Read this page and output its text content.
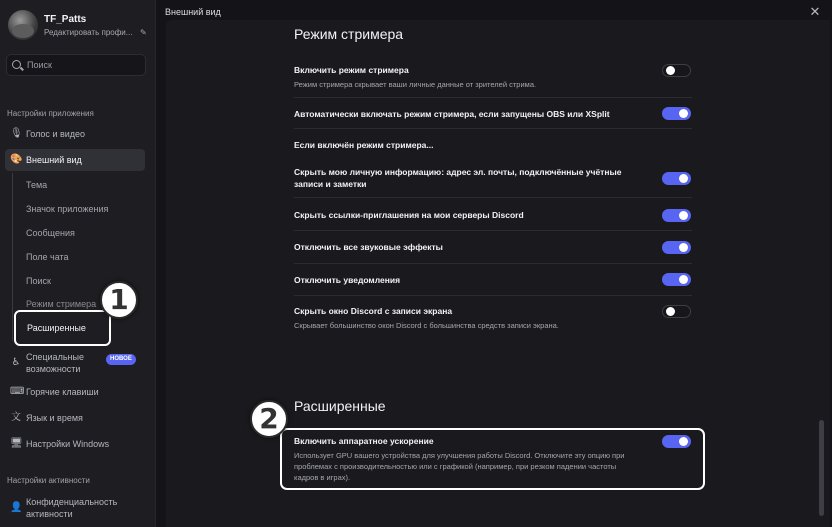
TF_Patts
Редактировать профи... ✎
Поиск
Настройки приложения
🎙 Голос и видео
🎨 Внешний вид
Тема
Значок приложения
Сообщения
Поле чата
Поиск
Режим стримера
Расширенные
♿ Специальные
возможности
НОВОЕ
⌨ Горячие клавиши
文 Язык и время
🖥 Настройки Windows
Настройки активности
👤 Конфиденциальность
активности
Внешний вид	✕
Режим стримера
Включить режим стримера
Режим стримера скрывает ваши личные данные от зрителей стрима.
Автоматически включать режим стримера, если запущены OBS или XSplit
Если включён режим стримера...
Скрыть мою личную информацию: адрес эл. почты, подключённые учётные записи и заметки
Скрыть ссылки-приглашения на мои серверы Discord
Отключить все звуковые эффекты
Отключить уведомления
Скрыть окно Discord с записи экрана
Скрывает большинство окон Discord с большинства средств записи экрана.
Расширенные
Включить аппаратное ускорение
Использует GPU вашего устройства для улучшения работы Discord. Отключите эту опцию при проблемах с производительностью или с графикой (например, при резком падении частоты кадров в играх).
1
2
